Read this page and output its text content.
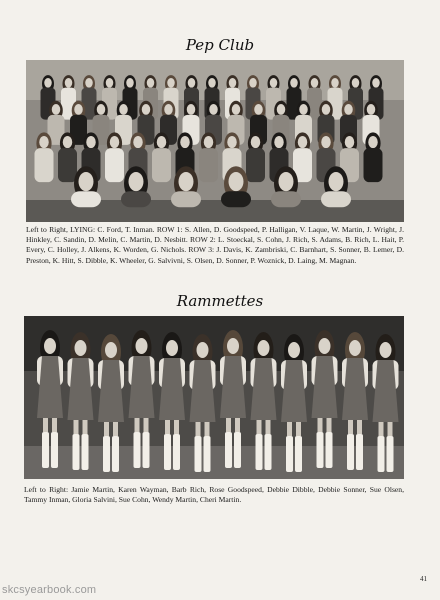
Pep Club
Left to Right, LYING: C. Ford, T. Inman. ROW 1: S. Allen, D. Goodspeed, P. Halligan, V. Laque, W. Martin, J. Wright, J. Hinkley, C. Sandin, D. Melin, C. Martin, D. Nesbitt. ROW 2: L. Stoeckal, S. Cohn, J. Rich, S. Adams, B. Rich, L. Hait, P. Every, C. Holley, J. Alkens, K. Worden, G. Nichols. ROW 3: J. Davis, K. Zambriski, C. Barnhart, S. Sonner, B. Lemer, D. Preston, K. Hitt, S. Dibble, K. Wheeler, G. Salvivni, S. Olsen, D. Sonner, P. Woznick, D. Laing, M. Magnan.
Rammettes
Left to Right: Jamie Martin, Karen Wayman, Barb Rich, Rose Goodspeed, Debbie Dibble, Debbie Sonner, Sue Olsen, Tammy Inman, Gloria Salvini, Sue Cohn, Wendy Martin, Cheri Martin.
41
skcsyearbook.com
